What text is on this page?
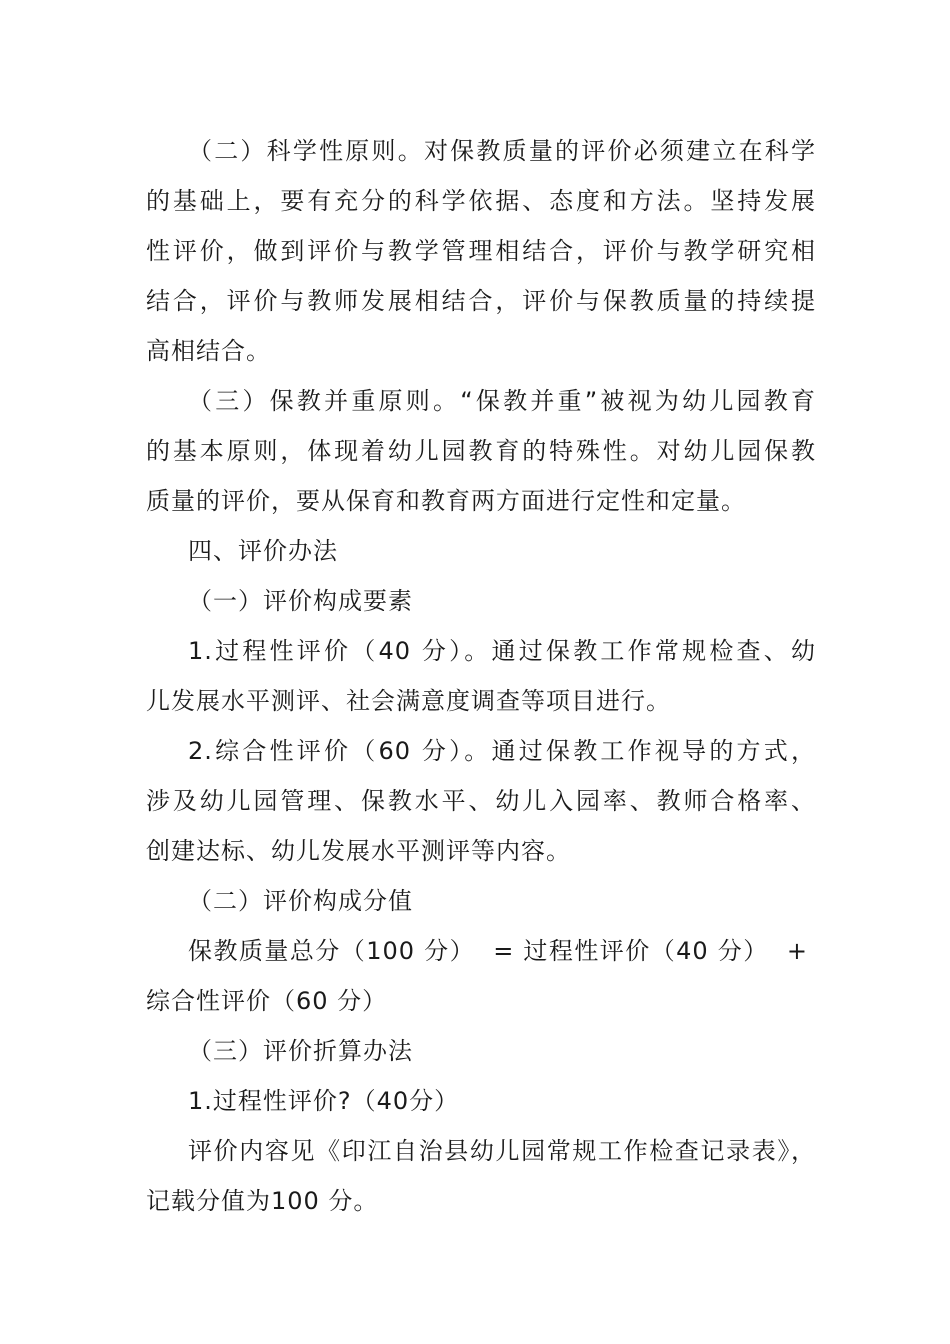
（二）科学性原则。对保教质量的评价必须建立在科学
的基础上，要有充分的科学依据、态度和方法。坚持发展
性评价，做到评价与教学管理相结合，评价与教学研究相
结合，评价与教师发展相结合，评价与保教质量的持续提
高相结合。
（三）保教并重原则。“保教并重”被视为幼儿园教育
的基本原则，体现着幼儿园教育的特殊性。对幼儿园保教
质量的评价，要从保育和教育两方面进行定性和定量。
四、评价办法
（一）评价构成要素
1.过程性评价（40 分）。通过保教工作常规检查、幼
儿发展水平测评、社会满意度调查等项目进行。
2.综合性评价（60 分）。通过保教工作视导的方式，
涉及幼儿园管理、保教水平、幼儿入园率、教师合格率、
创建达标、幼儿发展水平测评等内容。
（二）评价构成分值
保教质量总分（100 分）  = 过程性评价（40 分）  +
综合性评价（60 分）
（三）评价折算办法
1.过程性评价?（40分）
评价内容见《印江自治县幼儿园常规工作检查记录表》，
记载分值为100 分。
